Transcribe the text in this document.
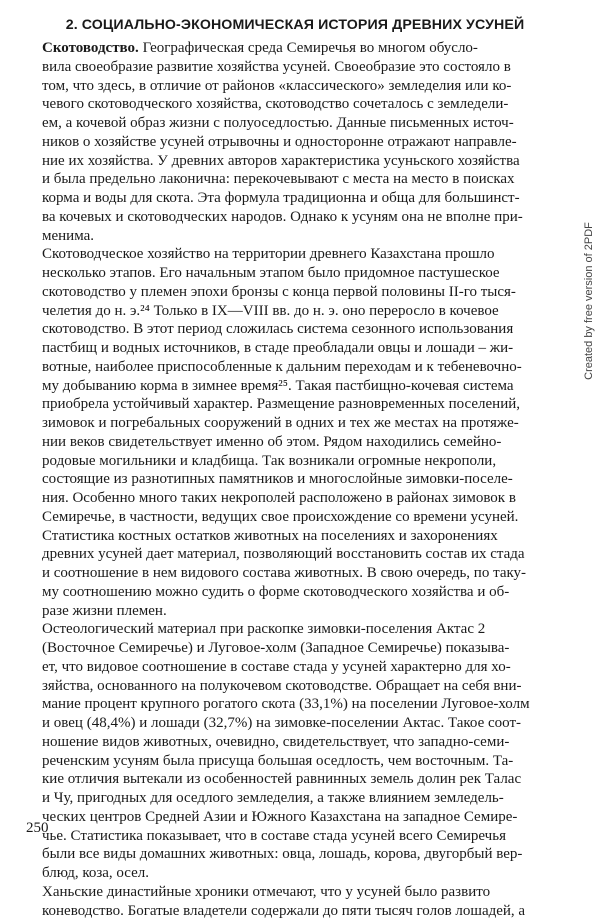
2. СОЦИАЛЬНО-ЭКОНОМИЧЕСКАЯ ИСТОРИЯ ДРЕВНИХ УСУНЕЙ

Скотоводство. Географическая среда Семиречья во многом обусло-
вила своеобразие развитие хозяйства усуней. Своеобразие это состояло в
том, что здесь, в отличие от районов «классического» земледелия или ко-
чевого скотоводческого хозяйства, скотоводство сочеталось с земледели-
ем, а кочевой образ жизни с полуоседлостью. Данные письменных источ-
ников о хозяйстве усуней отрывочны и односторонне отражают направле-
ние их хозяйства. У древних авторов характеристика усуньского хозяйства
и была предельно лаконична: перекочевывают с места на место в поисках
корма и воды для скота. Эта формула традиционна и обща для большинст-
ва кочевых и скотоводческих народов. Однако к усуням она не вполне при-
менима.

Скотоводческое хозяйство на территории древнего Казахстана прошло
несколько этапов. Его начальным этапом было придомное пастушеское
скотоводство у племен эпохи бронзы с конца первой половины II-го тыся-
челетия до н. э.²⁴ Только в IX—VIII вв. до н. э. оно переросло в кочевое
скотоводство. В этот период сложилась система сезонного использования
пастбищ и водных источников, в стаде преобладали овцы и лошади – жи-
вотные, наиболее приспособленные к дальним переходам и к тебеневочно-
му добыванию корма в зимнее время²⁵. Такая пастбищно-кочевая система
приобрела устойчивый характер. Размещение разновременных поселений,
зимовок и погребальных сооружений в одних и тех же местах на протяже-
нии веков свидетельствует именно об этом. Рядом находились семейно-
родовые могильники и кладбища. Так возникали огромные некрополи,
состоящие из разнотипных памятников и многослойные зимовки-поселе-
ния. Особенно много таких некрополей расположено в районах зимовок в
Семиречье, в частности, ведущих свое происхождение со времени усуней.

Статистика костных остатков животных на поселениях и захоронениях
древних усуней дает материал, позволяющий восстановить состав их стада
и соотношение в нем видового состава животных. В свою очередь, по таку-
му соотношению можно судить о форме скотоводческого хозяйства и об-
разе жизни племен.

Остеологический материал при раскопке зимовки-поселения Актас 2
(Восточное Семиречье) и Луговое-холм (Западное Семиречье) показыва-
ет, что видовое соотношение в составе стада у усуней характерно для хо-
зяйства, основанного на полукочевом скотоводстве. Обращает на себя вни-
мание процент крупного рогатого скота (33,1%) на поселении Луговое-холм
и овец (48,4%) и лошади (32,7%) на зимовке-поселении Актас. Такое соот-
ношение видов животных, очевидно, свидетельствует, что западно-семи-
реченским усуням была присуща большая оседлость, чем восточным. Та-
кие отличия вытекали из особенностей равнинных земель долин рек Талас
и Чу, пригодных для оседлого земледелия, а также влиянием земледель-
ческих центров Средней Азии и Южного Казахстана на западное Семире-
чье. Статистика показывает, что в составе стада усуней всего Семиречья
были все виды домашних животных: овца, лошадь, корова, двугорбый вер-
блюд, коза, осел.

Ханьские династийные хроники отмечают, что у усуней было развито
коневодство. Богатые владетели содержали до пяти тысяч голов лошадей, а

250
Created by free version of 2PDF
